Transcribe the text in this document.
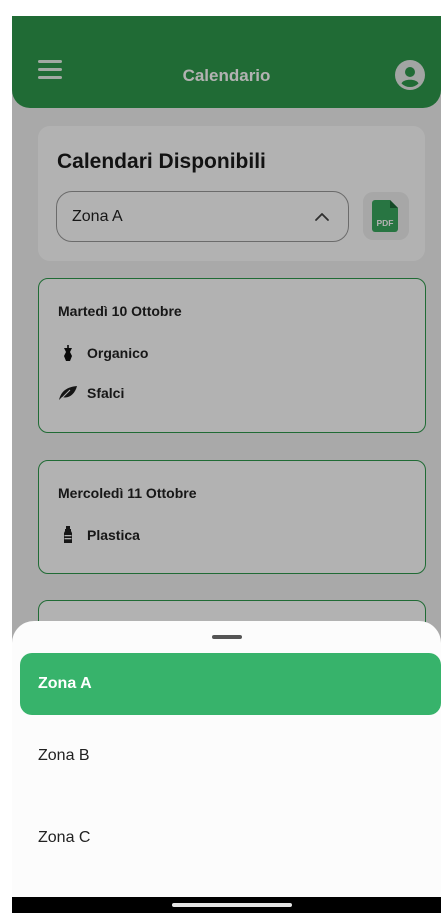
Calendario
Calendari Disponibili
Zona A	PDF
Martedì 10 Ottobre
Organico
Sfalci
Mercoledì 11 Ottobre
Plastica
Zona A
Zona B
Zona C
